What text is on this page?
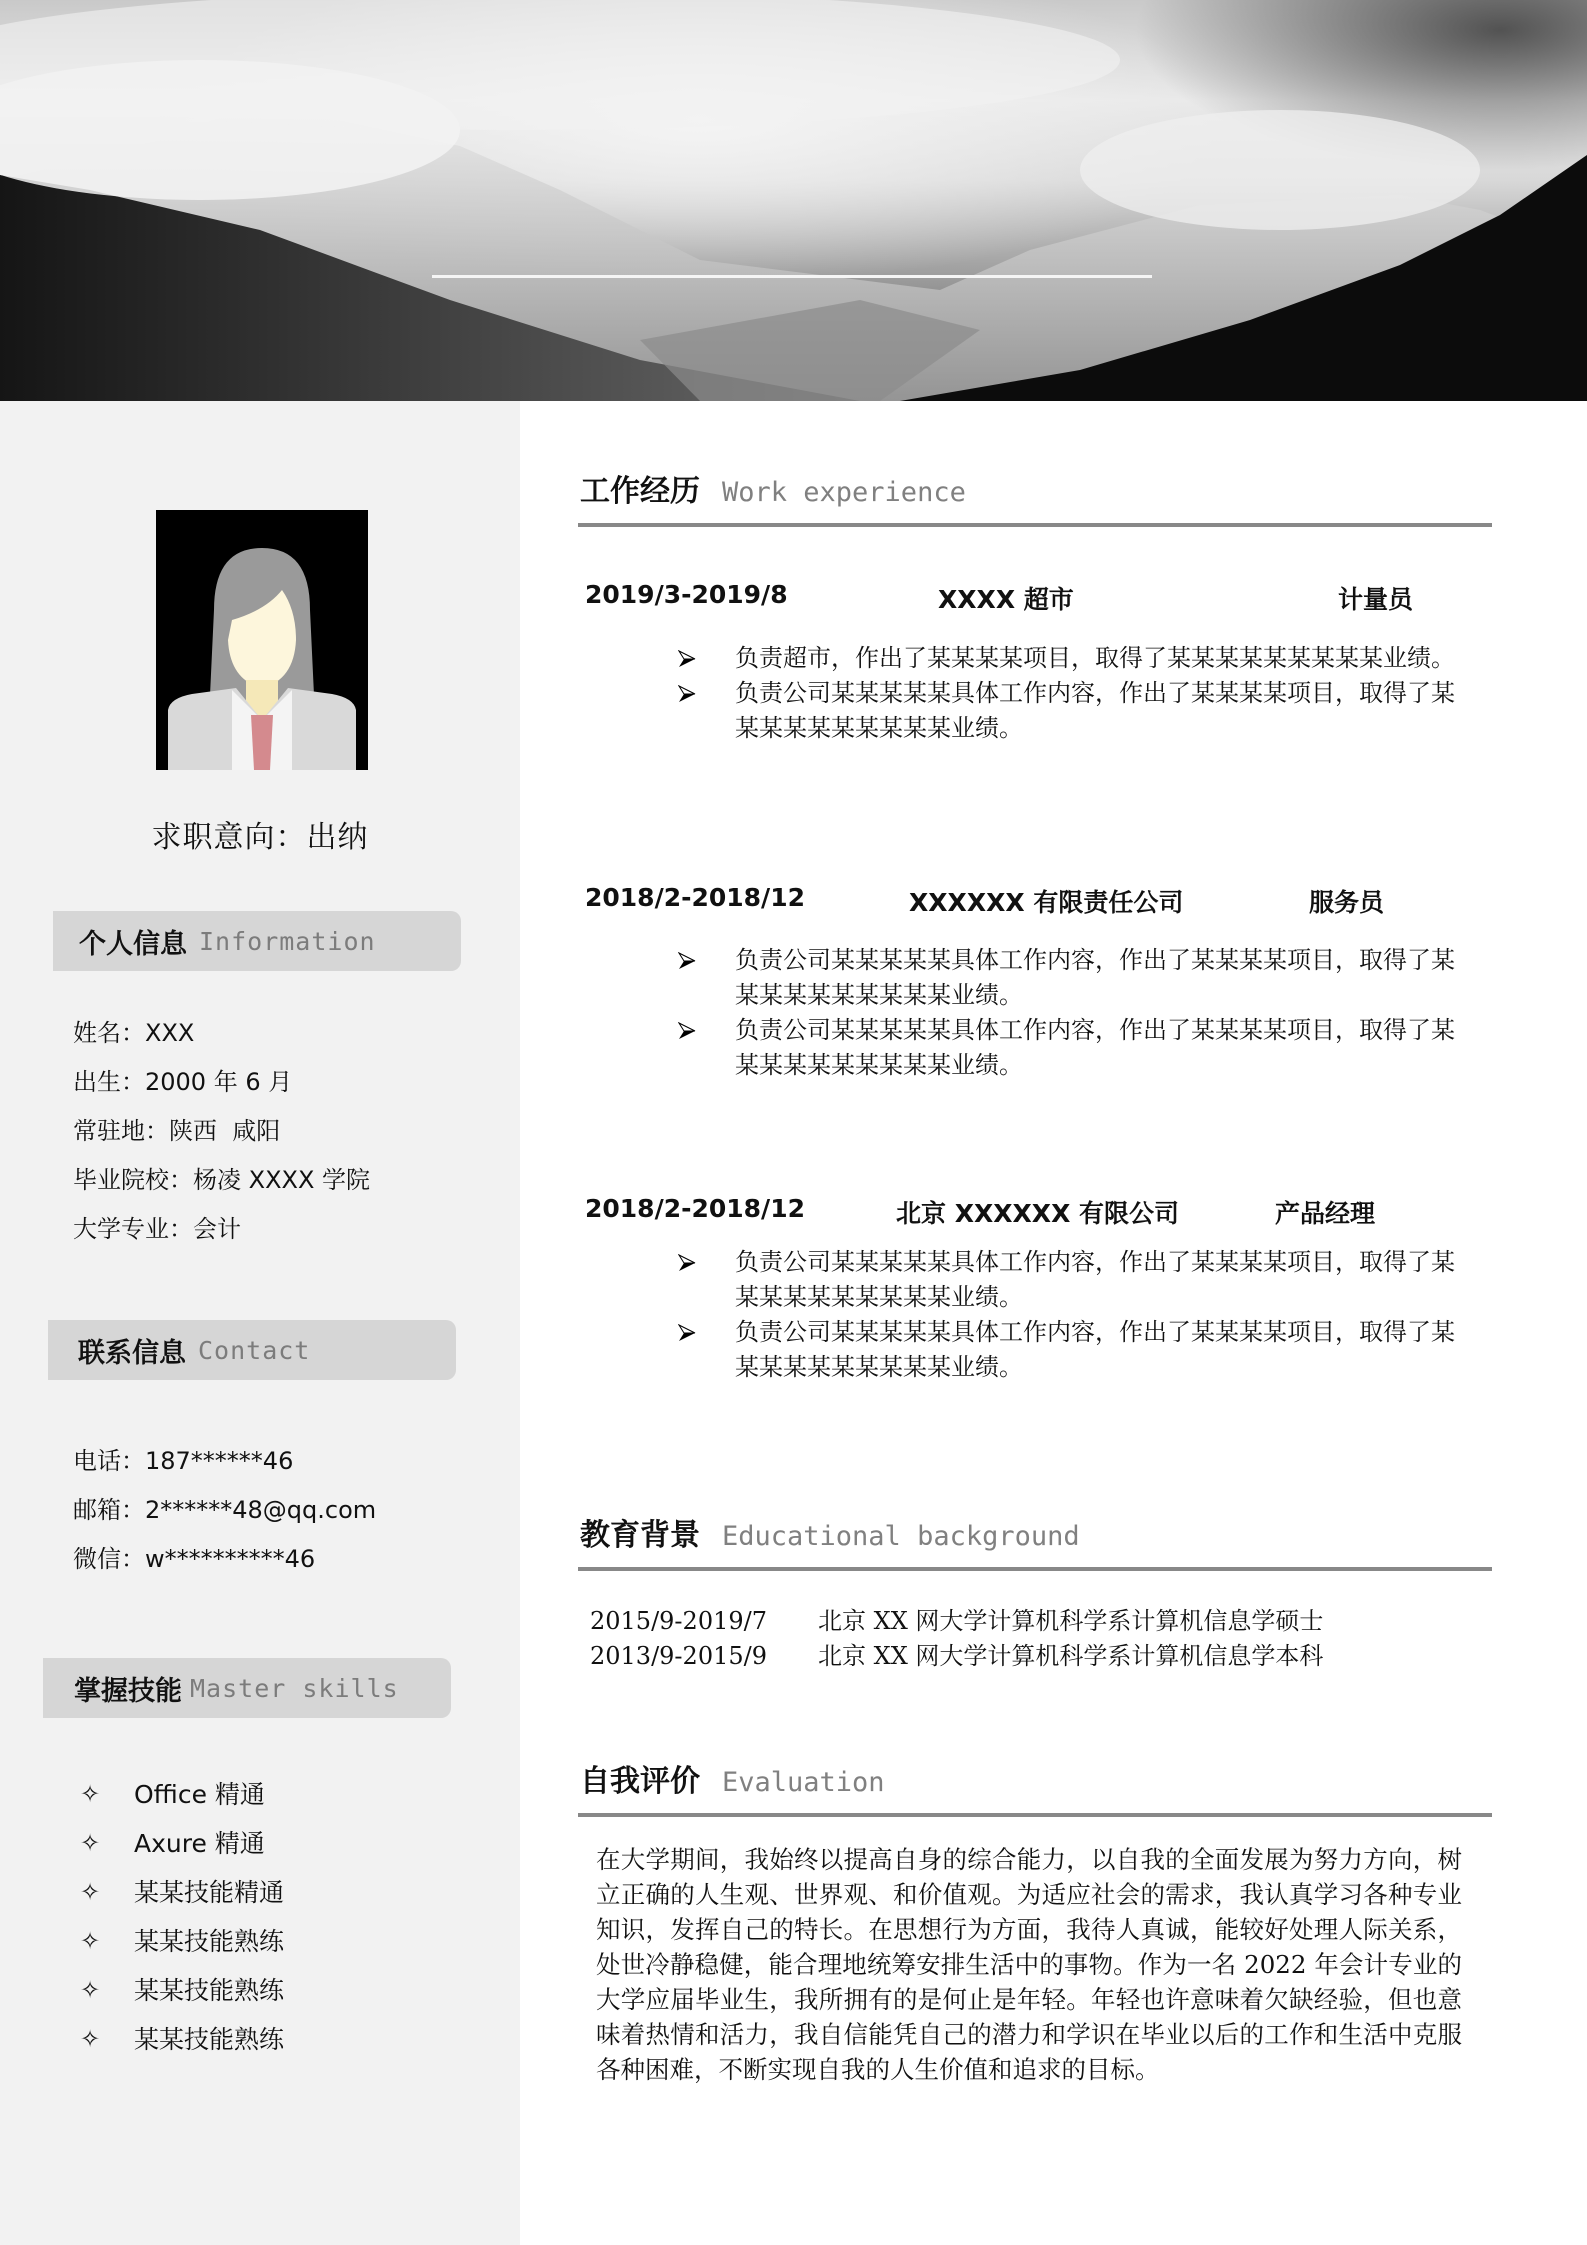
求职意向：出纳
个人信息 Information
姓名：XXX
出生：2000 年 6 月
常驻地：陕西  咸阳
毕业院校：杨凌 XXXX 学院
大学专业：会计
联系信息 Contact
电话：187******46
邮箱：2******48@qq.com
微信：w**********46
掌握技能 Master skills
✧	Office 精通
✧	Axure 精通
✧	某某技能精通
✧	某某技能熟练
✧	某某技能熟练
✧	某某技能熟练
工作经历 Work experience
2019/3-2019/8	XXXX 超市	计量员
负责超市，作出了某某某某项目，取得了某某某某某某某某某业绩。
负责公司某某某某某具体工作内容，作出了某某某某项目，取得了某某某某某某某某某某业绩。
2018/2-2018/12	XXXXXX 有限责任公司	服务员
负责公司某某某某某具体工作内容，作出了某某某某项目，取得了某某某某某某某某某某业绩。
负责公司某某某某某具体工作内容，作出了某某某某项目，取得了某某某某某某某某某某业绩。
2018/2-2018/12	北京 XXXXXX 有限公司	产品经理
负责公司某某某某某具体工作内容，作出了某某某某项目，取得了某某某某某某某某某某业绩。
负责公司某某某某某具体工作内容，作出了某某某某项目，取得了某某某某某某某某某某业绩。
教育背景 Educational background
2015/9-2019/7	北京 XX 网大学计算机科学系计算机信息学硕士
2013/9-2015/9	北京 XX 网大学计算机科学系计算机信息学本科
自我评价 Evaluation
在大学期间，我始终以提高自身的综合能力，以自我的全面发展为努力方向，树立正确的人生观、世界观、和价值观。为适应社会的需求，我认真学习各种专业知识，发挥自己的特长。在思想行为方面，我待人真诚，能较好处理人际关系，处世冷静稳健，能合理地统筹安排生活中的事物。作为一名 2022 年会计专业的大学应届毕业生，我所拥有的是何止是年轻。年轻也许意味着欠缺经验，但也意味着热情和活力，我自信能凭自己的潜力和学识在毕业以后的工作和生活中克服各种困难，不断实现自我的人生价值和追求的目标。
